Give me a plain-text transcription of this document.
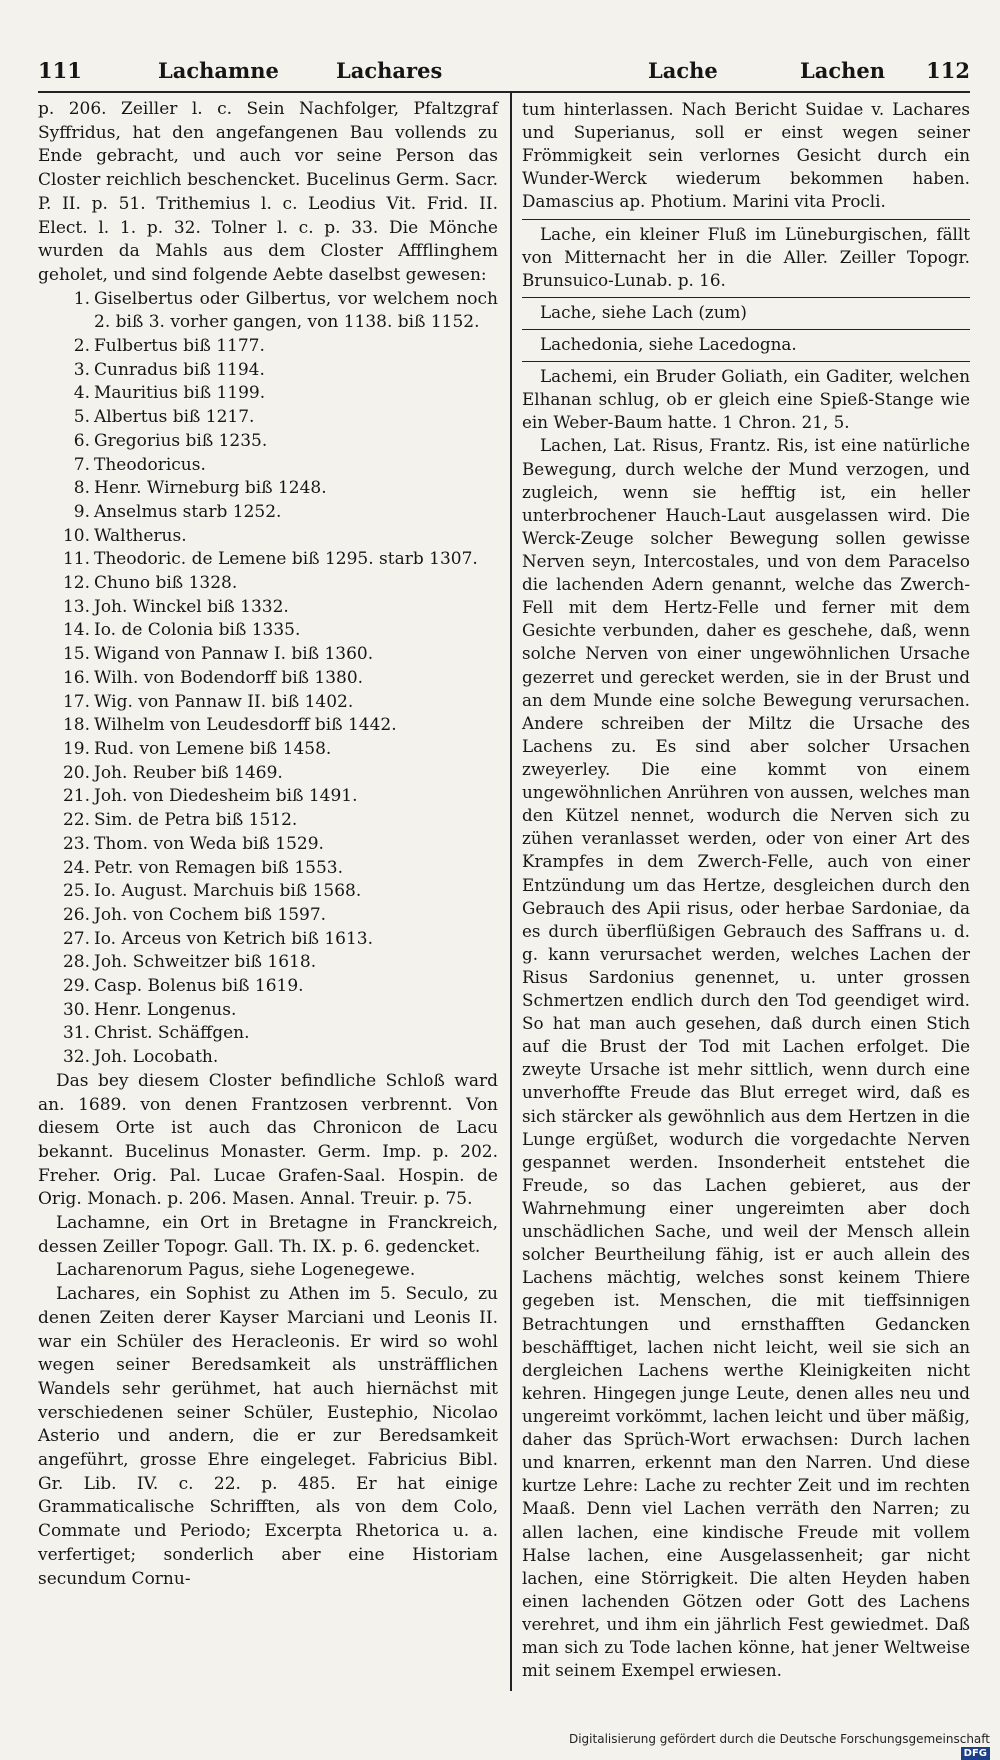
111	Lachamne	Lachares	Lache	Lachen 112

p. 206. Zeiller l. c. Sein Nachfolger, Pfaltzgraf Syffridus, hat den angefangenen Bau vollends zu Ende gebracht, und auch vor seine Person das Closter reichlich beschencket. Bucelinus Germ. Sacr. P. II. p. 51. Trithemius l. c. Leodius Vit. Frid. II. Elect. l. 1. p. 32. Tolner l. c. p. 33. Die Mönche wurden da Mahls aus dem Closter Affflinghem geholet, und sind folgende Aebte daselbst gewesen:

1. Giselbertus oder Gilbertus, vor welchem noch 2. biß 3. vorher gangen, von 1138. biß 1152.
2. Fulbertus biß 1177.
3. Cunradus biß 1194.
4. Mauritius biß 1199.
5. Albertus biß 1217.
6. Gregorius biß 1235.
7. Theodoricus.
8. Henr. Wirneburg biß 1248.
9. Anselmus starb 1252.
10. Waltherus.
11. Theodoric. de Lemene biß 1295. starb 1307.
12. Chuno biß 1328.
13. Joh. Winckel biß 1332.
14. Io. de Colonia biß 1335.
15. Wigand von Pannaw I. biß 1360.
16. Wilh. von Bodendorff biß 1380.
17. Wig. von Pannaw II. biß 1402.
18. Wilhelm von Leudesdorff biß 1442.
19. Rud. von Lemene biß 1458.
20. Joh. Reuber biß 1469.
21. Joh. von Diedesheim biß 1491.
22. Sim. de Petra biß 1512.
23. Thom. von Weda biß 1529.
24. Petr. von Remagen biß 1553.
25. Io. August. Marchuis biß 1568.
26. Joh. von Cochem biß 1597.
27. Io. Arceus von Ketrich biß 1613.
28. Joh. Schweitzer biß 1618.
29. Casp. Bolenus biß 1619.
30. Henr. Longenus.
31. Christ. Schäffgen.
32. Joh. Locobath.

Das bey diesem Closter befindliche Schloß ward an. 1689. von denen Frantzosen verbrennt. Von diesem Orte ist auch das Chronicon de Lacu bekannt. Bucelinus Monaster. Germ. Imp. p. 202. Freher. Orig. Pal. Lucae Grafen-Saal. Hospin. de Orig. Monach. p. 206. Masen. Annal. Treuir. p. 75.

Lachamne, ein Ort in Bretagne in Franckreich, dessen Zeiller Topogr. Gall. Th. IX. p. 6. gedencket.

Lacharenorum Pagus, siehe Logenegewe.

Lachares, ein Sophist zu Athen im 5. Seculo, zu denen Zeiten derer Kayser Marciani und Leonis II. war ein Schüler des Heracleonis. Er wird so wohl wegen seiner Beredsamkeit als unsträfflichen Wandels sehr gerühmet, hat auch hiernächst mit verschiedenen seiner Schüler, Eustephio, Nicolao Asterio und andern, die er zur Beredsamkeit angeführt, grosse Ehre eingeleget. Fabricius Bibl. Gr. Lib. IV. c. 22. p. 485. Er hat einige Grammaticalische Schrifften, als von dem Colo, Commate und Periodo; Excerpta Rhetorica u. a. verfertiget; sonderlich aber eine Historiam secundum Cornu-

tum hinterlassen. Nach Bericht Suidae v. Lachares und Superianus, soll er einst wegen seiner Frömmigkeit sein verlornes Gesicht durch ein Wunder-Werck wiederum bekommen haben. Damascius ap. Photium. Marini vita Procli.

Lache, ein kleiner Fluß im Lüneburgischen, fällt von Mitternacht her in die Aller. Zeiller Topogr. Brunsuico-Lunab. p. 16.

Lache, siehe Lach (zum)

Lachedonia, siehe Lacedogna.

Lachemi, ein Bruder Goliath, ein Gaditer, welchen Elhanan schlug, ob er gleich eine Spieß-Stange wie ein Weber-Baum hatte. 1 Chron. 21, 5.

Lachen, Lat. Risus, Frantz. Ris, ist eine natürliche Bewegung, durch welche der Mund verzogen, und zugleich, wenn sie hefftig ist, ein heller unterbrochener Hauch-Laut ausgelassen wird. Die Werck-Zeuge solcher Bewegung sollen gewisse Nerven seyn, Intercostales, und von dem Paracelso die lachenden Adern genannt, welche das Zwerch-Fell mit dem Hertz-Felle und ferner mit dem Gesichte verbunden, daher es geschehe, daß, wenn solche Nerven von einer ungewöhnlichen Ursache gezerret und gerecket werden, sie in der Brust und an dem Munde eine solche Bewegung verursachen. Andere schreiben der Miltz die Ursache des Lachens zu. Es sind aber solcher Ursachen zweyerley. Die eine kommt von einem ungewöhnlichen Anrühren von aussen, welches man den Kützel nennet, wodurch die Nerven sich zu zühen veranlasset werden, oder von einer Art des Krampfes in dem Zwerch-Felle, auch von einer Entzündung um das Hertze, desgleichen durch den Gebrauch des Apii risus, oder herbae Sardoniae, da es durch überflüßigen Gebrauch des Saffrans u. d. g. kann verursachet werden, welches Lachen der Risus Sardonius genennet, u. unter grossen Schmertzen endlich durch den Tod geendiget wird. So hat man auch gesehen, daß durch einen Stich auf die Brust der Tod mit Lachen erfolget. Die zweyte Ursache ist mehr sittlich, wenn durch eine unverhoffte Freude das Blut erreget wird, daß es sich stärcker als gewöhnlich aus dem Hertzen in die Lunge ergüßet, wodurch die vorgedachte Nerven gespannet werden. Insonderheit entstehet die Freude, so das Lachen gebieret, aus der Wahrnehmung einer ungereimten aber doch unschädlichen Sache, und weil der Mensch allein solcher Beurtheilung fähig, ist er auch allein des Lachens mächtig, welches sonst keinem Thiere gegeben ist. Menschen, die mit tieffsinnigen Betrachtungen und ernsthafften Gedancken beschäfftiget, lachen nicht leicht, weil sie sich an dergleichen Lachens werthe Kleinigkeiten nicht kehren. Hingegen junge Leute, denen alles neu und ungereimt vorkömmt, lachen leicht und über mäßig, daher das Sprüch-Wort erwachsen: Durch lachen und knarren, erkennt man den Narren. Und diese kurtze Lehre: Lache zu rechter Zeit und im rechten Maaß. Denn viel Lachen verräth den Narren; zu allen lachen, eine kindische Freude mit vollem Halse lachen, eine Ausgelassenheit; gar nicht lachen, eine Störrigkeit. Die alten Heyden haben einen lachenden Götzen oder Gott des Lachens verehret, und ihm ein jährlich Fest gewiedmet. Daß man sich zu Tode lachen könne, hat jener Weltweise mit seinem Exempel erwiesen.

Digitalisierung gefördert durch die Deutsche ForschungsgemeinschaftDFG
